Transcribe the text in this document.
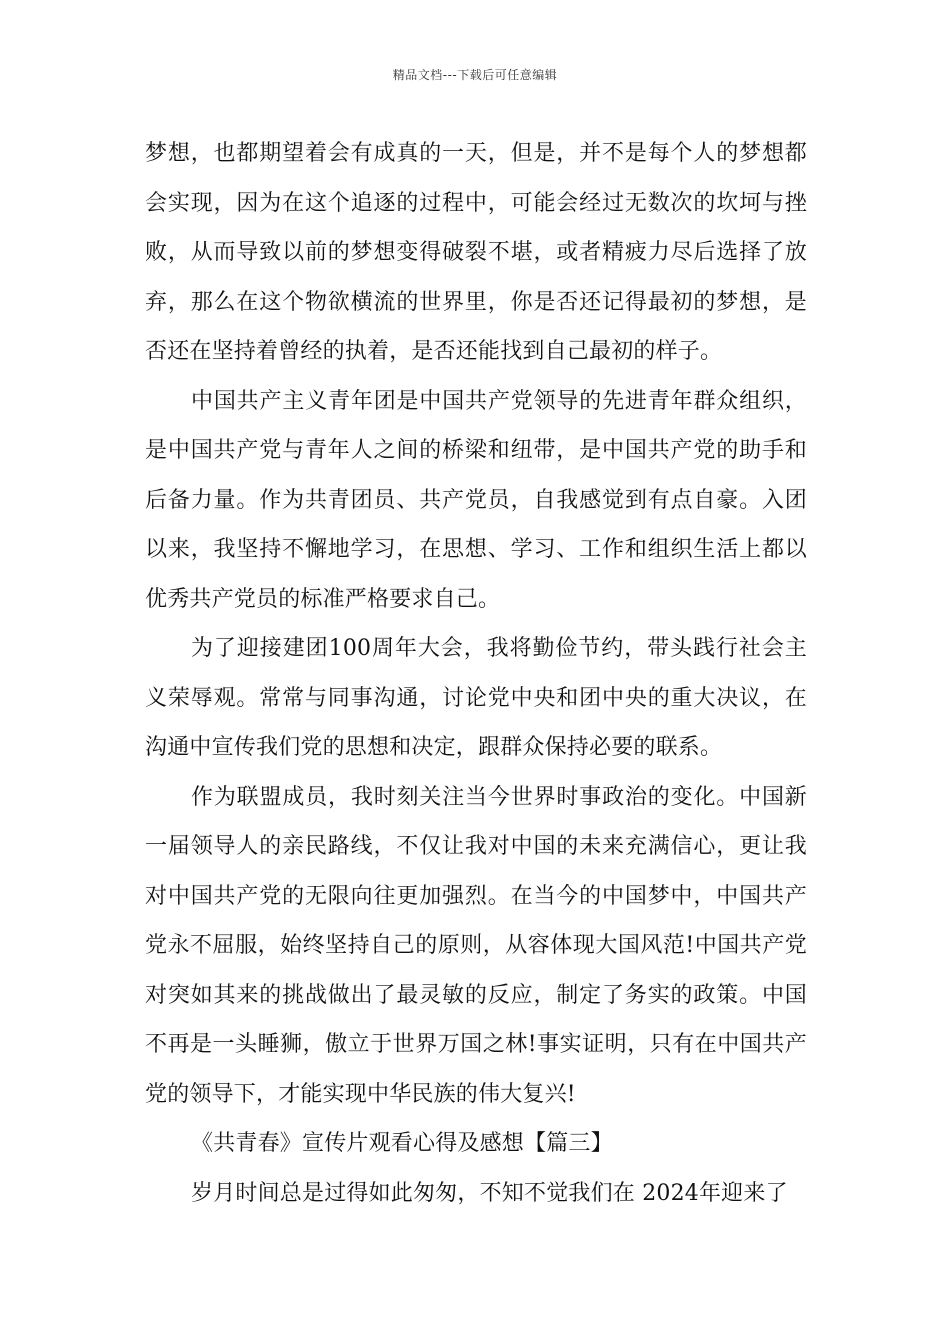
精品文档---下载后可任意编辑

梦想，也都期望着会有成真的一天，但是，并不是每个人的梦想都会实现，因为在这个追逐的过程中，可能会经过无数次的坎坷与挫败，从而导致以前的梦想变得破裂不堪，或者精疲力尽后选择了放弃，那么在这个物欲横流的世界里，你是否还记得最初的梦想，是否还在坚持着曾经的执着，是否还能找到自己最初的样子。

中国共产主义青年团是中国共产党领导的先进青年群众组织，是中国共产党与青年人之间的桥梁和纽带，是中国共产党的助手和后备力量。作为共青团员、共产党员，自我感觉到有点自豪。入团以来，我坚持不懈地学习，在思想、学习、工作和组织生活上都以优秀共产党员的标准严格要求自己。

为了迎接建团100周年大会，我将勤俭节约，带头践行社会主义荣辱观。常常与同事沟通，讨论党中央和团中央的重大决议，在沟通中宣传我们党的思想和决定，跟群众保持必要的联系。

作为联盟成员，我时刻关注当今世界时事政治的变化。中国新一届领导人的亲民路线，不仅让我对中国的未来充满信心，更让我对中国共产党的无限向往更加强烈。在当今的中国梦中，中国共产党永不屈服，始终坚持自己的原则，从容体现大国风范!中国共产党对突如其来的挑战做出了最灵敏的反应，制定了务实的政策。中国不再是一头睡狮，傲立于世界万国之林!事实证明，只有在中国共产党的领导下，才能实现中华民族的伟大复兴!

《共青春》宣传片观看心得及感想【篇三】

岁月时间总是过得如此匆匆，不知不觉我们在 2024年迎来了
